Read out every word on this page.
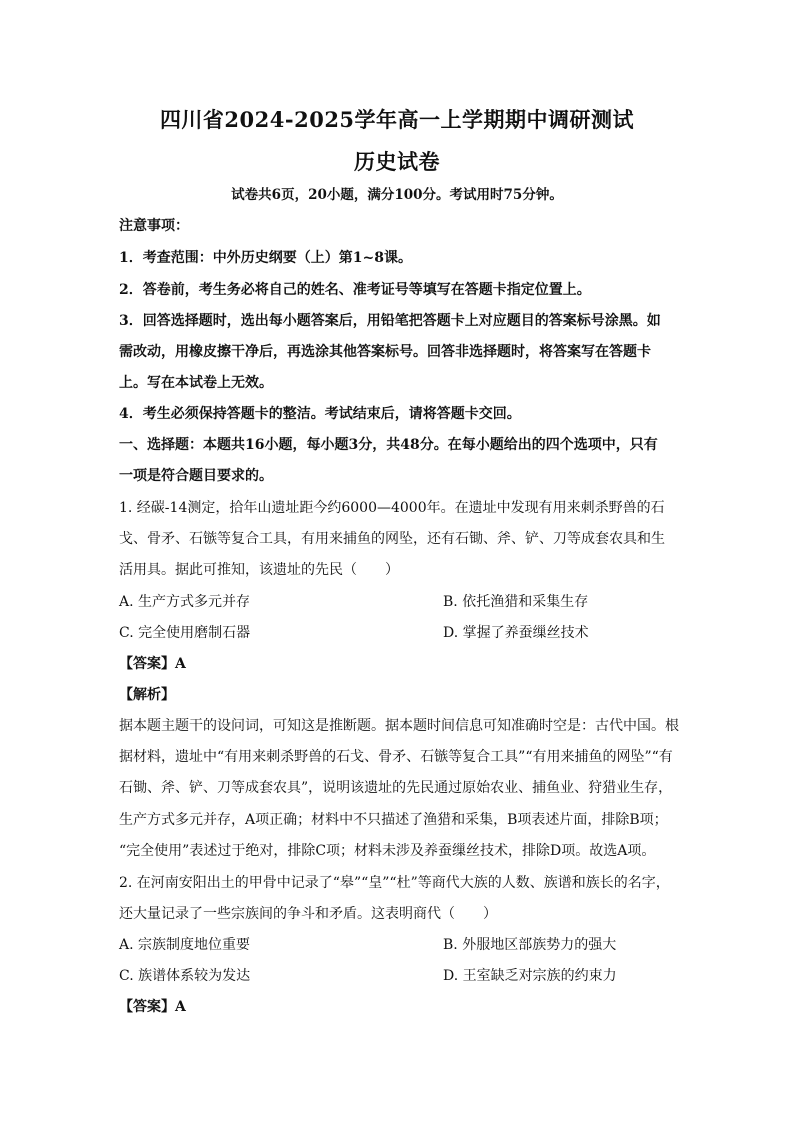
四川省2024-2025学年高一上学期期中调研测试
历史试卷
试卷共6页，20小题，满分100分。考试用时75分钟。
注意事项：
1．考查范围：中外历史纲要（上）第1~8课。
2．答卷前，考生务必将自己的姓名、准考证号等填写在答题卡指定位置上。
3．回答选择题时，选出每小题答案后，用铅笔把答题卡上对应题目的答案标号涂黑。如
需改动，用橡皮擦干净后，再选涂其他答案标号。回答非选择题时，将答案写在答题卡
上。写在本试卷上无效。
4．考生必须保持答题卡的整洁。考试结束后，请将答题卡交回。
一、选择题：本题共16小题，每小题3分，共48分。在每小题给出的四个选项中，只有
一项是符合题目要求的。
1. 经碳-14测定，拾年山遗址距今约6000—4000年。在遗址中发现有用来刺杀野兽的石
戈、骨矛、石镞等复合工具，有用来捕鱼的网坠，还有石锄、斧、铲、刀等成套农具和生
活用具。据此可推知，该遗址的先民（　　）
A. 生产方式多元并存	B. 依托渔猎和采集生存
C. 完全使用磨制石器	D. 掌握了养蚕缫丝技术
【答案】A
【解析】
据本题主题干的设问词，可知这是推断题。据本题时间信息可知准确时空是：古代中国。根
据材料，遗址中“有用来刺杀野兽的石戈、骨矛、石镞等复合工具”“有用来捕鱼的网坠”“有
石锄、斧、铲、刀等成套农具”，说明该遗址的先民通过原始农业、捕鱼业、狩猎业生存，
生产方式多元并存，A项正确；材料中不只描述了渔猎和采集，B项表述片面，排除B项；
“完全使用”表述过于绝对，排除C项；材料未涉及养蚕缫丝技术，排除D项。故选A项。
2. 在河南安阳出土的甲骨中记录了“皋”“皇”“杜”等商代大族的人数、族谱和族长的名字，
还大量记录了一些宗族间的争斗和矛盾。这表明商代（　　）
A. 宗族制度地位重要	B. 外服地区部族势力的强大
C. 族谱体系较为发达	D. 王室缺乏对宗族的约束力
【答案】A
